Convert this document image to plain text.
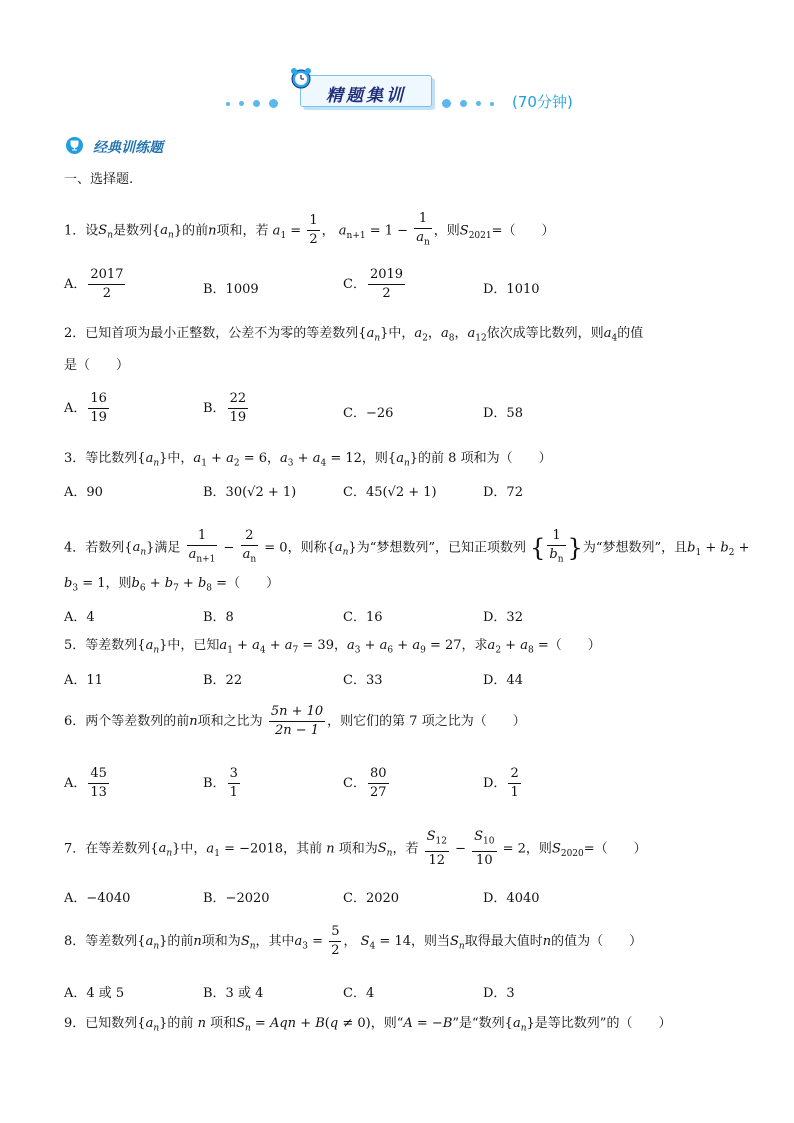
精题集训	(70分钟)
经典训练题
一、选择题.
1．设$S_n$是数列$\{a_n\}$的前n项和，若 $a_1 = \frac{1}{2}$ ， $a_{n+1} = 1 - \frac{1}{a_n}$ ，则$S_{2021}=$（　　）
A． $\frac{2017}{2}$	B．1009	C． $\frac{2019}{2}$	D．1010
2．已知首项为最小正整数，公差不为零的等差数列$\{a_n\}$中，$a_2$，$a_8$，$a_{12}$依次成等比数列，则$a_4$的值
是（　　）
A． $\frac{16}{19}$	B． $\frac{22}{19}$	C．−26	D．58
3．等比数列$\{a_n\}$中，$a_1 + a_2 = 6$，$a_3 + a_4 = 12$，则$\{a_n\}$的前 8 项和为（　　）
A．90	B．30(√2 + 1)	C．45(√2 + 1)	D．72
4．若数列$\{a_n\}$满足 $\frac{1}{a_{n+1}} - \frac{2}{a_n} = 0$，则称$\{a_n\}$为“梦想数列”，已知正项数列 { $\frac{1}{b_n}$ }为“梦想数列”，且$b_1 + b_2$ +
$b_3 = 1$，则$b_6 + b_7 + b_8$ =（　　）
A．4	B．8	C．16	D．32
5．等差数列$\{a_n\}$中，已知$a_1 + a_4 + a_7 = 39$，$a_3 + a_6 + a_9 = 27$，求$a_2 + a_8$ =（　　）
A．11	B．22	C．33	D．44
6．两个等差数列的前n项和之比为 $\frac{5n + 10}{2n - 1}$ ，则它们的第 7 项之比为（　　）
A． $\frac{45}{13}$	B． $\frac{3}{1}$	C． $\frac{80}{27}$	D． $\frac{2}{1}$
7．在等差数列$\{a_n\}$中，$a_1 = -2018$，其前 n 项和为$S_n$，若 $\frac{S_{12}}{12} - \frac{S_{10}}{10} = 2$，则$S_{2020}=$（　　）
A．−4040	B．−2020	C．2020	D．4040
8．等差数列$\{a_n\}$的前n项和为$S_n$，其中$a_3 = \frac{5}{2}$ ， $S_4 = 14$，则当$S_n$取得最大值时n的值为（　　）
A．4 或 5	B．3 或 4	C．4	D．3
9．已知数列$\{a_n\}$的前 n 项和$S_n$ = Aqn + B(q ≠ 0)，则“A = −B”是“数列$\{a_n\}$是等比数列”的（　　）
